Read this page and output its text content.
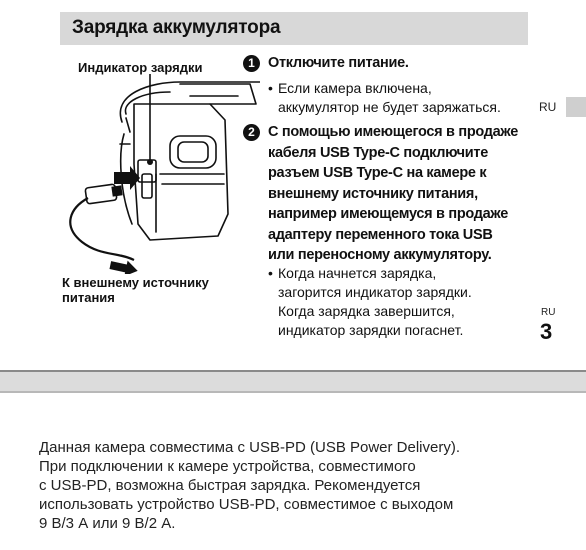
Зарядка аккумулятора
RU
Индикатор зарядки
К внешнему источнику
питания
1 Отключите питание.
• Если камера включена,
аккумулятор не будет заряжаться.
2 С помощью имеющегося в продаже
кабеля USB Type-C подключите
разъем USB Type-C на камере к
внешнему источнику питания,
например имеющемуся в продаже
адаптеру переменного тока USB
или переносному аккумулятору.
• Когда начнется зарядка,
загорится индикатор зарядки.
Когда зарядка завершится,
индикатор зарядки погаснет.
RU
3
Данная камера совместима с USB-PD (USB Power Delivery).
При подключении к камере устройства, совместимого
с USB-PD, возможна быстрая зарядка. Рекомендуется
использовать устройство USB-PD, совместимое с выходом
9 В/3 А или 9 В/2 А.
